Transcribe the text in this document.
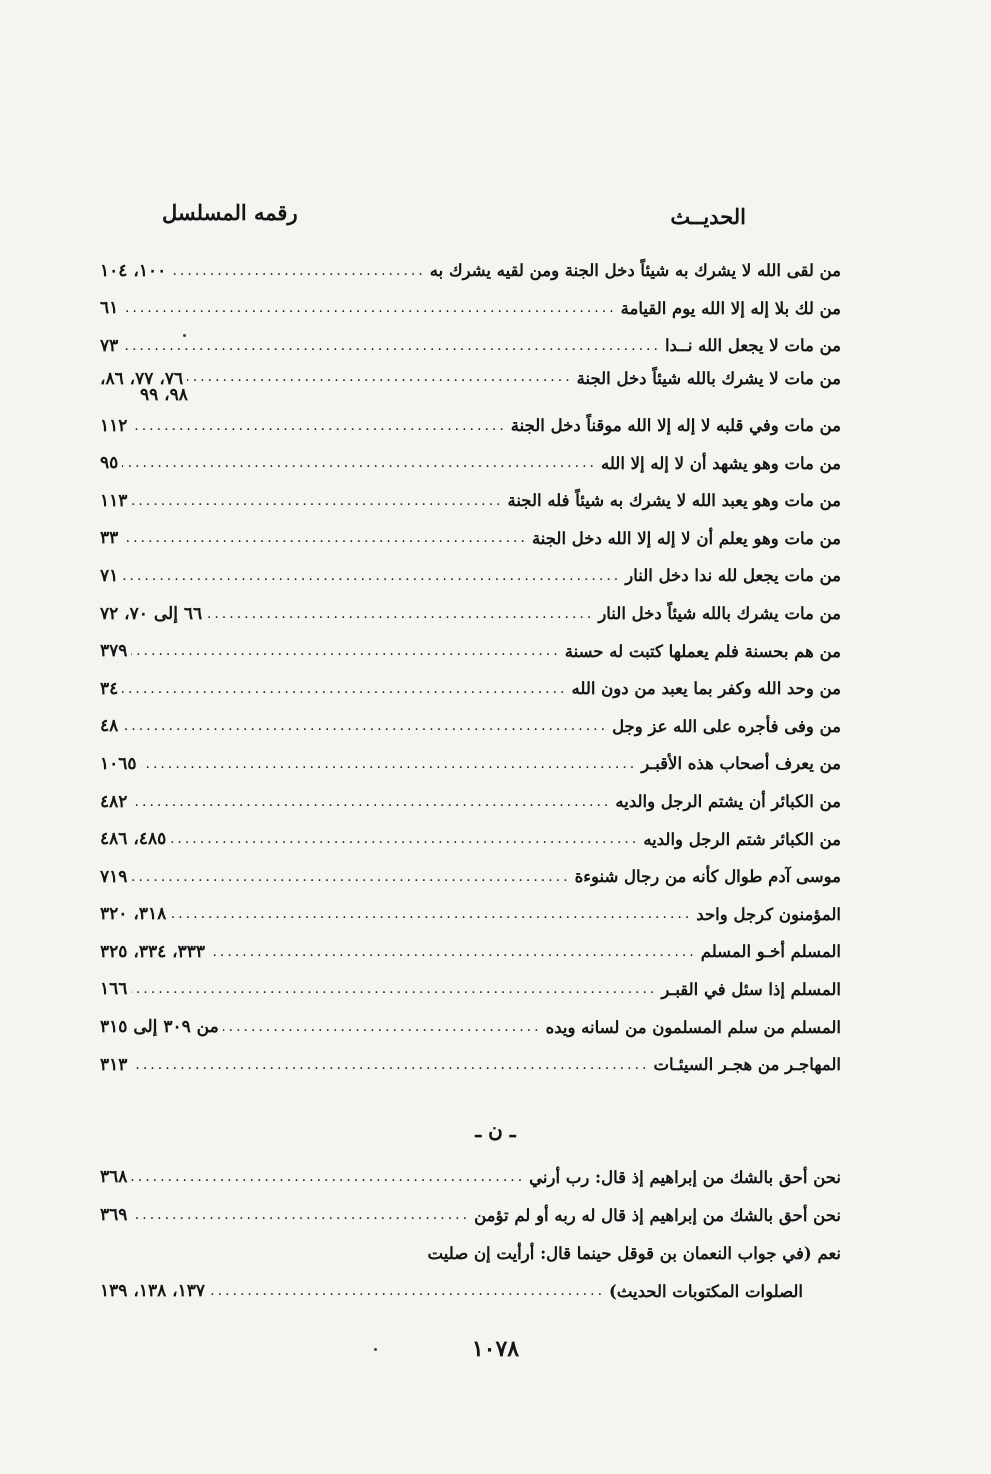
الحديــث
رقمه المسلسل
من لقى الله لا يشرك به شيئاً دخل الجنة ومن لقيه يشرك به
.....
١٠٠، ١٠٤
من لك بلا إله إلا الله يوم القيامة
.....
٦١
من مات لا يجعل الله نــدا
.....
٧٣
من مات لا يشرك بالله شيئاً دخل الجنة
.....
٧٦، ٧٧، ٨٦،
٩٨، ٩٩
من مات وفي قلبه لا إله إلا الله موقناً دخل الجنة
.....
١١٢
من مات وهو يشهد أن لا إله إلا الله
.....
٩٥
من مات وهو يعبد الله لا يشرك به شيئاً فله الجنة
.....
١١٣
من مات وهو يعلم أن لا إله إلا الله دخل الجنة
.....
٣٣
من مات يجعل لله ندا دخل النار
.....
٧١
من مات يشرك بالله شيئاً دخل النار
.....
٦٦ إلى ٧٠، ٧٢
من هم بحسنة فلم يعملها كتبت له حسنة
.....
٣٧٩
من وحد الله وكفر بما يعبد من دون الله
.....
٣٤
من وفى فأجره على الله عز وجل
.....
٤٨
من يعرف أصحاب هذه الأقبـر
.....
١٠٦٥
من الكبائر أن يشتم الرجل والديه
.....
٤٨٢
من الكبائر شتم الرجل والديه
.....
٤٨٥، ٤٨٦
موسى آدم طوال كأنه من رجال شنوءة
.....
٧١٩
المؤمنون كرجل واحد
.....
٣١٨، ٣٢٠
المسلم أخـو المسلم
.....
٣٣٣، ٣٣٤، ٣٢٥
المسلم إذا سئل في القبـر
.....
١٦٦
المسلم من سلم المسلمون من لسانه ويده
.....
من ٣٠٩ إلى ٣١٥
المهاجـر من هجـر السيئـات
.....
٣١٣
ـ ن ـ
نحن أحق بالشك من إبراهيم إذ قال: رب أرني
.....
٣٦٨
نحن أحق بالشك من إبراهيم إذ قال له ربه أو لم تؤمن
.....
٣٦٩
نعم (في جواب النعمان بن قوقل حينما قال: أرأيت إن صليت
الصلوات المكتوبات الحديث)
.....
١٣٧، ١٣٨، ١٣٩
١٠٧٨
